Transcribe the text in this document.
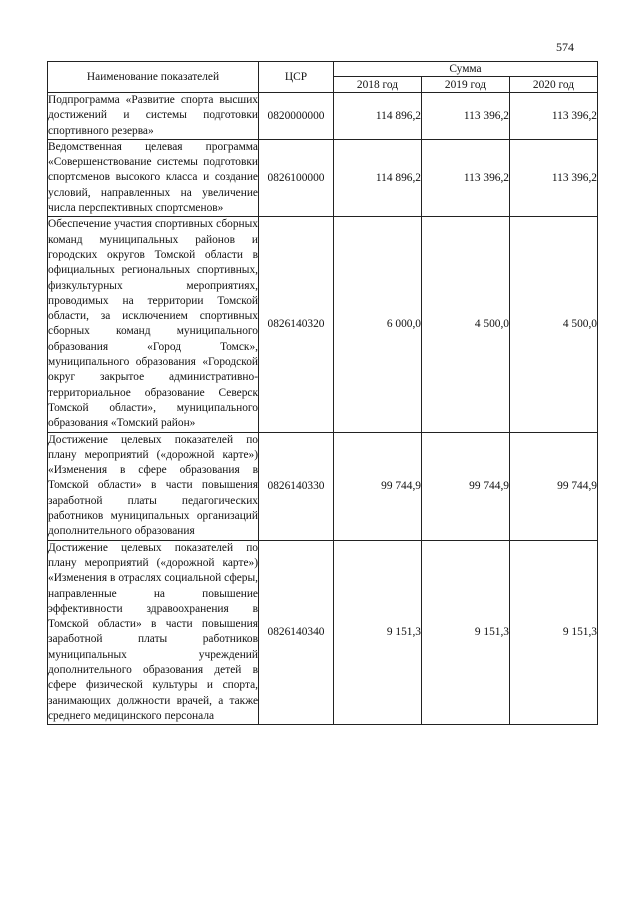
574
Наименование показателей	ЦСР	Сумма		
		2018 год	2019 год	2020 год
Подпрограмма «Развитие спорта высших достижений и системы подготовки спортивного резерва»	0820000000	114 896,2	113 396,2	113 396,2
Ведомственная целевая программа «Совершенствование системы подготовки спортсменов высокого класса и создание условий, направленных на увеличение числа перспективных спортсменов»	0826100000	114 896,2	113 396,2	113 396,2
Обеспечение участия спортивных сборных команд муниципальных районов и городских округов Томской области в официальных региональных спортивных, физкультурных мероприятиях, проводимых на территории Томской области, за исключением спортивных сборных команд муниципального образования «Город Томск», муниципального образования «Городской округ закрытое административно-территориальное образование Северск Томской области», муниципального образования «Томский район»	0826140320	6 000,0	4 500,0	4 500,0
Достижение целевых показателей по плану мероприятий («дорожной карте») «Изменения в сфере образования в Томской области» в части повышения заработной платы педагогических работников муниципальных организаций дополнительного образования	0826140330	99 744,9	99 744,9	99 744,9
Достижение целевых показателей по плану мероприятий («дорожной карте») «Изменения в отраслях социальной сферы, направленные на повышение эффективности здравоохранения в Томской области» в части повышения заработной платы работников муниципальных учреждений дополнительного образования детей в сфере физической культуры и спорта, занимающих должности врачей, а также среднего медицинского персонала	0826140340	9 151,3	9 151,3	9 151,3
